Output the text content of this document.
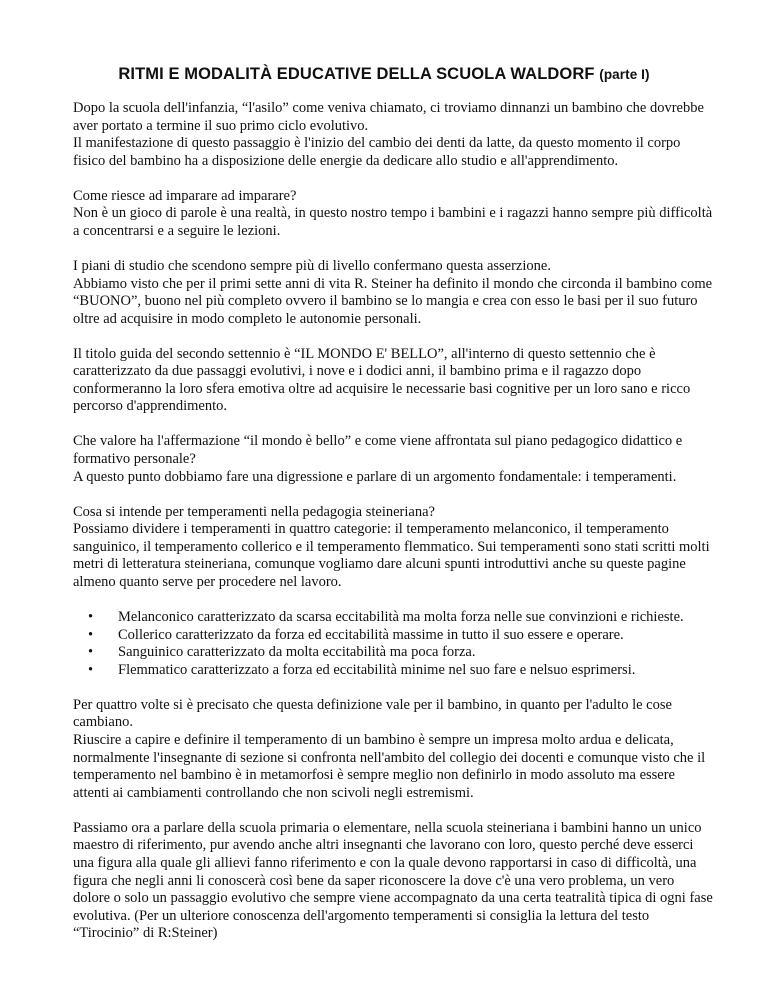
RITMI E MODALITÀ EDUCATIVE DELLA SCUOLA WALDORF (parte I)

Dopo la scuola dell'infanzia, “l'asilo” come veniva chiamato, ci troviamo dinnanzi un bambino che dovrebbe aver portato a termine il suo primo ciclo evolutivo.
Il manifestazione di questo passaggio è l'inizio del cambio dei denti da latte, da questo momento il corpo fisico del bambino ha a disposizione delle energie da dedicare allo studio e all'apprendimento.

Come riesce ad imparare ad imparare?
Non è un gioco di parole è una realtà, in questo nostro tempo i bambini e i ragazzi hanno sempre più difficoltà a concentrarsi e a seguire le lezioni.

I piani di studio che scendono sempre più di livello confermano questa asserzione.
Abbiamo visto che per il primi sette anni di vita R. Steiner ha definito il mondo che circonda il bambino come “BUONO”, buono nel più completo ovvero il bambino se lo mangia e crea con esso le basi per il suo futuro oltre ad acquisire in modo completo le autonomie personali.

Il titolo guida del secondo settennio è “IL MONDO E' BELLO”, all'interno di questo settennio che è caratterizzato da due passaggi evolutivi, i nove e i dodici anni, il bambino prima e il ragazzo dopo conformeranno la loro sfera emotiva oltre ad acquisire le necessarie basi cognitive per un loro sano e ricco percorso d'apprendimento.

Che valore ha l'affermazione “il mondo è bello” e come viene affrontata sul piano pedagogico didattico e formativo personale?
A questo punto dobbiamo fare una digressione e parlare di un argomento fondamentale: i temperamenti.

Cosa si intende per temperamenti nella pedagogia steineriana?
Possiamo dividere i temperamenti in quattro categorie: il temperamento melanconico, il temperamento sanguinico, il temperamento collerico e il temperamento flemmatico. Sui temperamenti sono stati scritti molti metri di letteratura steineriana, comunque vogliamo dare alcuni spunti introduttivi anche su queste pagine almeno quanto serve per procedere nel lavoro.

• Melanconico caratterizzato da scarsa eccitabilità ma molta forza nelle sue convinzioni e richieste.
• Collerico caratterizzato da forza ed eccitabilità massime in tutto il suo essere e operare.
• Sanguinico caratterizzato da molta eccitabilità ma poca forza.
• Flemmatico caratterizzato a forza ed eccitabilità minime nel suo fare e nelsuo esprimersi.

Per quattro volte si è precisato che questa definizione vale per il bambino, in quanto per l'adulto le cose cambiano.
Riuscire a capire e definire il temperamento di un bambino è sempre un impresa molto ardua e delicata, normalmente l'insegnante di sezione si confronta nell'ambito del collegio dei docenti e comunque visto che il temperamento nel bambino è in metamorfosi è sempre meglio non definirlo in modo assoluto ma essere attenti ai cambiamenti controllando che non scivoli negli estremismi.

Passiamo ora a parlare della scuola primaria o elementare, nella scuola steineriana i bambini hanno un unico maestro di riferimento, pur avendo anche altri insegnanti che lavorano con loro, questo perché deve esserci una figura alla quale gli allievi fanno riferimento e con la quale devono rapportarsi in caso di difficoltà, una figura che negli anni li conoscerà così bene da saper riconoscere la dove c'è una vero problema, un vero dolore o solo un passaggio evolutivo che sempre viene accompagnato da una certa teatralità tipica di ogni fase evolutiva. (Per un ulteriore conoscenza dell'argomento temperamenti si consiglia la lettura del testo “Tirocinio” di R:Steiner)
